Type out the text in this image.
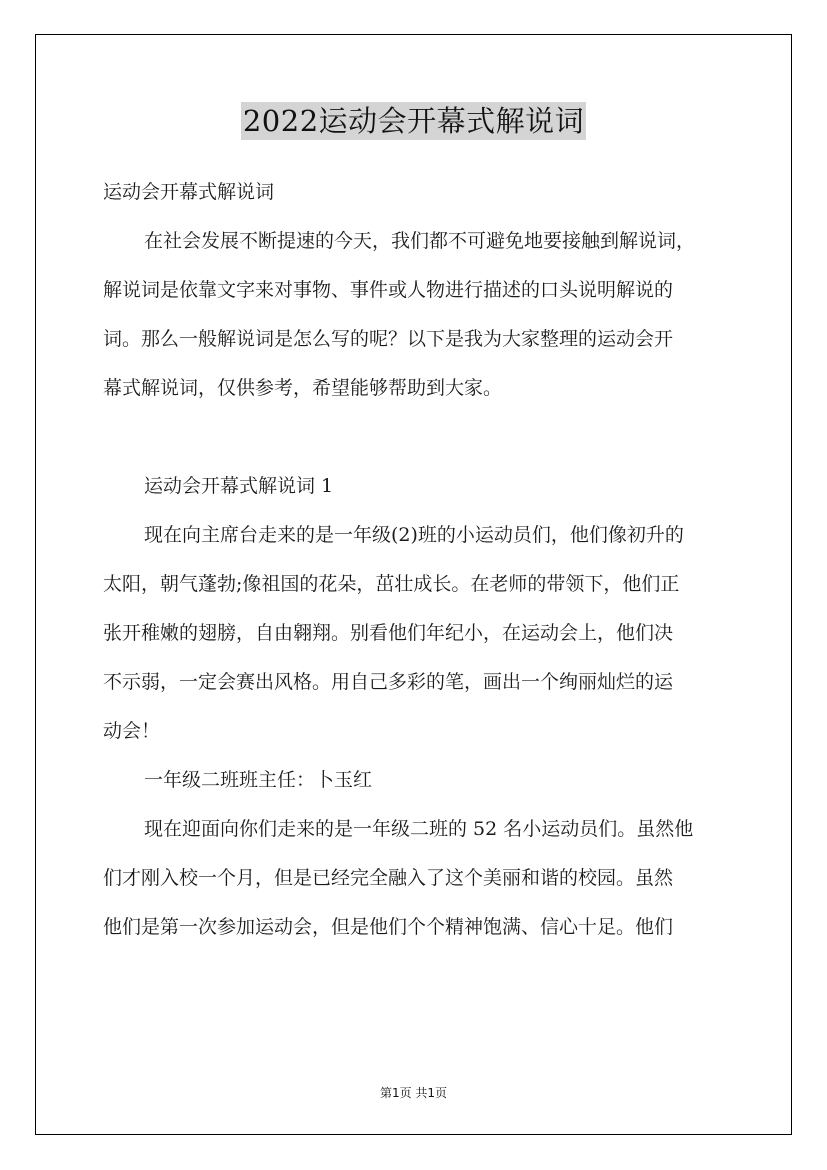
2022运动会开幕式解说词
运动会开幕式解说词
在社会发展不断提速的今天，我们都不可避免地要接触到解说词，
解说词是依靠文字来对事物、事件或人物进行描述的口头说明解说的
词。那么一般解说词是怎么写的呢？以下是我为大家整理的运动会开
幕式解说词，仅供参考，希望能够帮助到大家。
运动会开幕式解说词 1
现在向主席台走来的是一年级(2)班的小运动员们，他们像初升的
太阳，朝气蓬勃;像祖国的花朵，茁壮成长。在老师的带领下，他们正
张开稚嫩的翅膀，自由翱翔。别看他们年纪小，在运动会上，他们决
不示弱，一定会赛出风格。用自己多彩的笔，画出一个绚丽灿烂的运
动会！
一年级二班班主任：卜玉红
现在迎面向你们走来的是一年级二班的 52 名小运动员们。虽然他
们才刚入校一个月，但是已经完全融入了这个美丽和谐的校园。虽然
他们是第一次参加运动会，但是他们个个精神饱满、信心十足。他们
第1页 共1页
